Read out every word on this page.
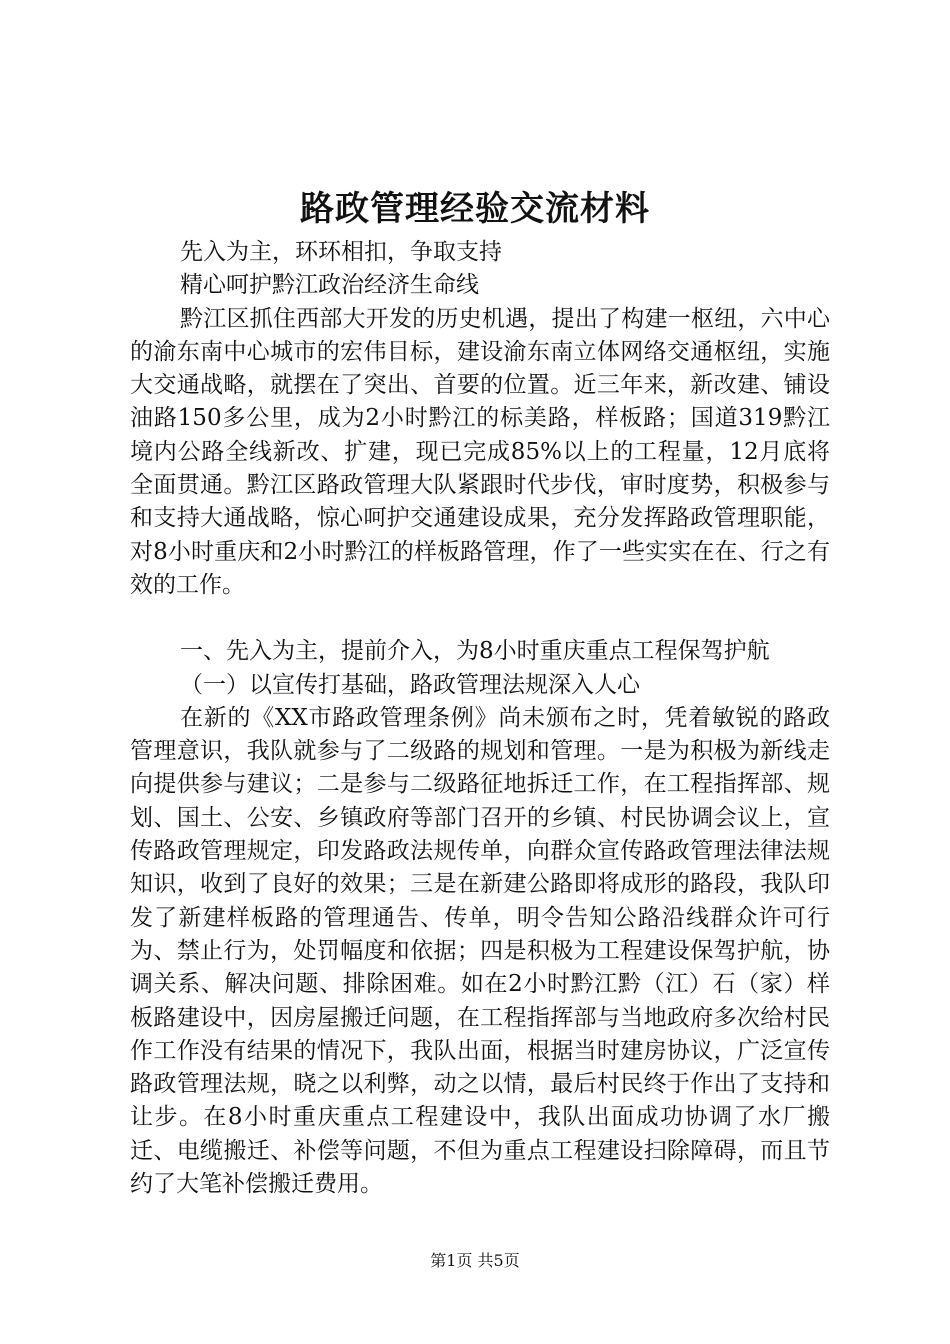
路政管理经验交流材料

先入为主，环环相扣，争取支持

精心呵护黔江政治经济生命线

黔江区抓住西部大开发的历史机遇，提出了构建一枢纽，六中心的渝东南中心城市的宏伟目标，建设渝东南立体网络交通枢纽，实施大交通战略，就摆在了突出、首要的位置。近三年来，新改建、铺设油路150多公里，成为2小时黔江的标美路，样板路；国道319黔江境内公路全线新改、扩建，现已完成85%以上的工程量，12月底将全面贯通。黔江区路政管理大队紧跟时代步伐，审时度势，积极参与和支持大通战略，惊心呵护交通建设成果，充分发挥路政管理职能，对8小时重庆和2小时黔江的样板路管理，作了一些实实在在、行之有效的工作。

一、先入为主，提前介入，为8小时重庆重点工程保驾护航

（一）以宣传打基础，路政管理法规深入人心

在新的《XX市路政管理条例》尚未颁布之时，凭着敏锐的路政管理意识，我队就参与了二级路的规划和管理。一是为积极为新线走向提供参与建议；二是参与二级路征地拆迁工作，在工程指挥部、规划、国土、公安、乡镇政府等部门召开的乡镇、村民协调会议上，宣传路政管理规定，印发路政法规传单，向群众宣传路政管理法律法规知识，收到了良好的效果；三是在新建公路即将成形的路段，我队印发了新建样板路的管理通告、传单，明令告知公路沿线群众许可行为、禁止行为，处罚幅度和依据；四是积极为工程建设保驾护航，协调关系、解决问题、排除困难。如在2小时黔江黔（江）石（家）样板路建设中，因房屋搬迁问题，在工程指挥部与当地政府多次给村民作工作没有结果的情况下，我队出面，根据当时建房协议，广泛宣传路政管理法规，晓之以利弊，动之以情，最后村民终于作出了支持和让步。在8小时重庆重点工程建设中，我队出面成功协调了水厂搬迁、电缆搬迁、补偿等问题，不但为重点工程建设扫除障碍，而且节约了大笔补偿搬迁费用。

第1页 共5页
